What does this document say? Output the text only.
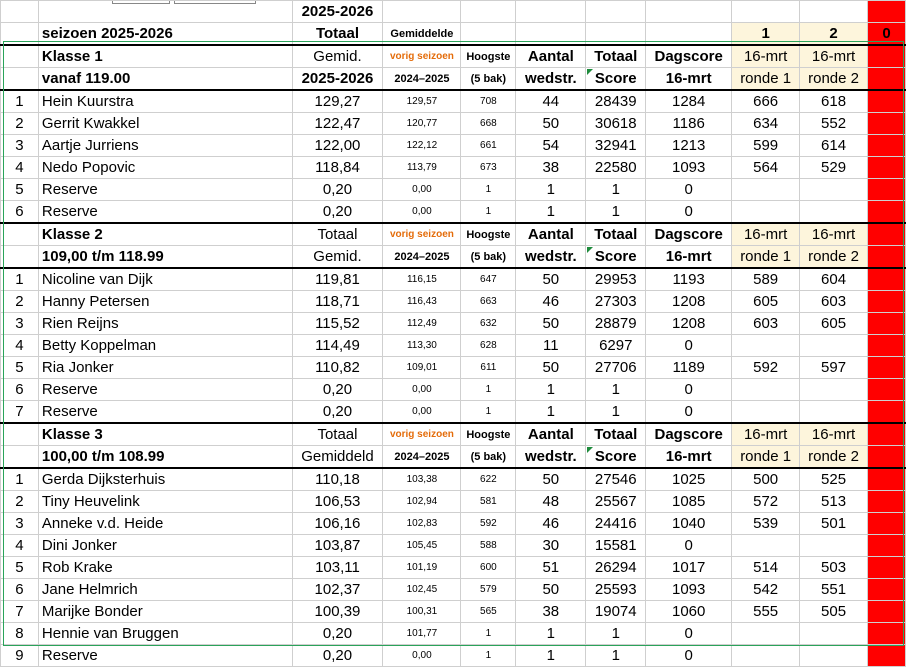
		2025-2026								
	seizoen 2025-2026	Totaal	Gemiddelde					1	2	0
	Klasse 1	Gemid.	vorig seizoen	Hoogste	Aantal	Totaal	Dagscore	16-mrt	16-mrt	
	vanaf 119.00	2025-2026	2024–2025	(5 bak)	wedstr.	Score	16-mrt	ronde 1	ronde 2	
1	Hein Kuurstra	129,27	129,57	708	44	28439	1284	666	618	
2	Gerrit Kwakkel	122,47	120,77	668	50	30618	1186	634	552	
3	Aartje Jurriens	122,00	122,12	661	54	32941	1213	599	614	
4	Nedo Popovic	118,84	113,79	673	38	22580	1093	564	529	
5	Reserve	0,20	0,00	1	1	1	0			
6	Reserve	0,20	0,00	1	1	1	0			
	Klasse 2	Totaal	vorig seizoen	Hoogste	Aantal	Totaal	Dagscore	16-mrt	16-mrt	
	109,00 t/m 118.99	Gemid.	2024–2025	(5 bak)	wedstr.	Score	16-mrt	ronde 1	ronde 2	
1	Nicoline van Dijk	119,81	116,15	647	50	29953	1193	589	604	
2	Hanny Petersen	118,71	116,43	663	46	27303	1208	605	603	
3	Rien Reijns	115,52	112,49	632	50	28879	1208	603	605	
4	Betty Koppelman	114,49	113,30	628	11	6297	0			
5	Ria Jonker	110,82	109,01	611	50	27706	1189	592	597	
6	Reserve	0,20	0,00	1	1	1	0			
7	Reserve	0,20	0,00	1	1	1	0			
	Klasse 3	Totaal	vorig seizoen	Hoogste	Aantal	Totaal	Dagscore	16-mrt	16-mrt	
	100,00 t/m 108.99	Gemiddeld	2024–2025	(5 bak)	wedstr.	Score	16-mrt	ronde 1	ronde 2	
1	Gerda Dijksterhuis	110,18	103,38	622	50	27546	1025	500	525	
2	Tiny Heuvelink	106,53	102,94	581	48	25567	1085	572	513	
3	Anneke v.d. Heide	106,16	102,83	592	46	24416	1040	539	501	
4	Dini Jonker	103,87	105,45	588	30	15581	0			
5	Rob Krake	103,11	101,19	600	51	26294	1017	514	503	
6	Jane Helmrich	102,37	102,45	579	50	25593	1093	542	551	
7	Marijke Bonder	100,39	100,31	565	38	19074	1060	555	505	
8	Hennie van Bruggen	0,20	101,77	1	1	1	0			
9	Reserve	0,20	0,00	1	1	1	0			
